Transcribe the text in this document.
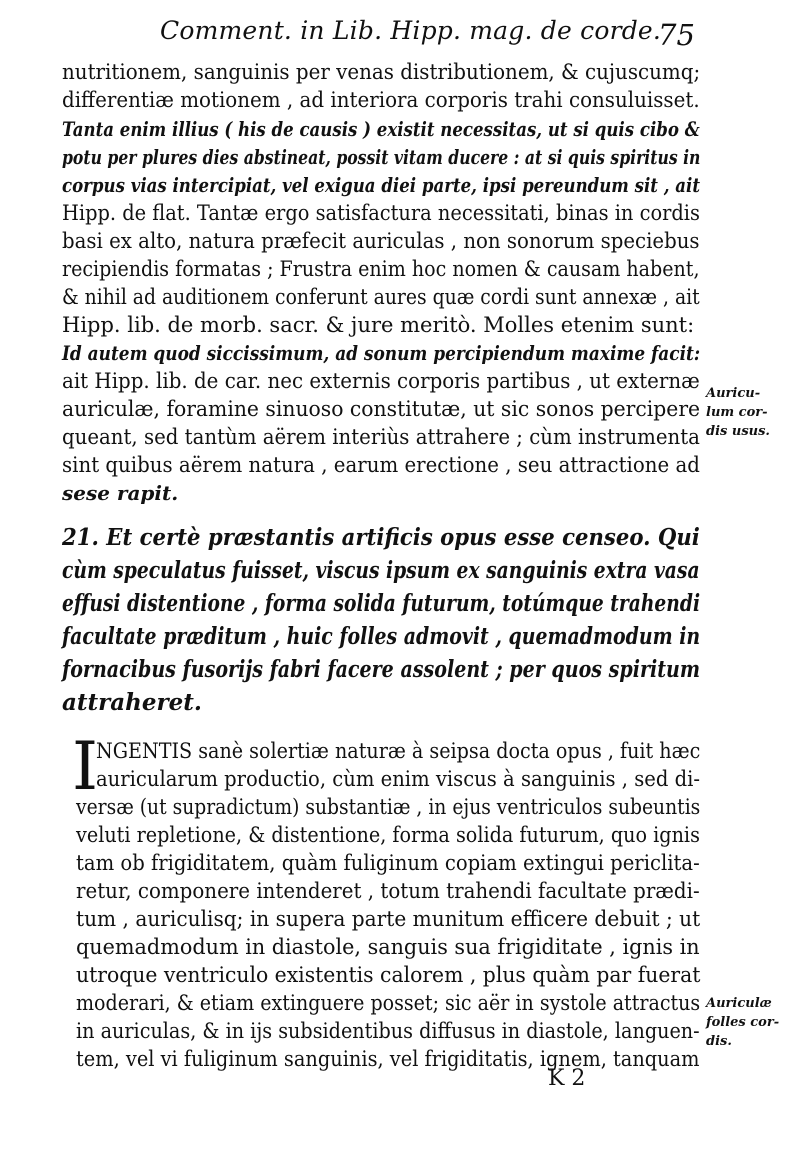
Comment. in Lib. Hipp. mag. de corde.
75
nutritionem, sanguinis per venas distributionem, & cujuscumq;
differentiæ motionem , ad interiora corporis trahi consuluisset.
Tanta enim illius ( his de causis ) existit necessitas, ut si quis cibo &
potu per plures dies abstineat, possit vitam ducere : at si quis spiritus in
corpus vias intercipiat, vel exigua diei parte, ipsi pereundum sit , ait
Hipp. de flat. Tantæ ergo satisfactura necessitati, binas in cordis
basi ex alto, natura præfecit auriculas , non sonorum speciebus
recipiendis formatas ; Frustra enim hoc nomen & causam habent,
& nihil ad auditionem conferunt aures quæ cordi sunt annexæ , ait
Hipp. lib. de morb. sacr. & jure meritò. Molles etenim sunt:
Id autem quod siccissimum, ad sonum percipiendum maxime facit:
ait Hipp. lib. de car. nec externis corporis partibus , ut externæ
auriculæ, foramine sinuoso constitutæ, ut sic sonos percipere
queant, sed tantùm aërem interiùs attrahere ; cùm instrumenta
sint quibus aërem natura , earum erectione , seu attractione ad
sese rapit.
Auricu-
lum cor-
dis usus.
21. Et certè præstantis artificis opus esse censeo. Qui
cùm speculatus fuisset, viscus ipsum ex sanguinis extra vasa
effusi distentione , forma solida futurum, totúmque trahendi
facultate præditum , huic folles admovit , quemadmodum in
fornacibus fusorijs fabri facere assolent ; per quos spiritum
attraheret.
I
NGENTIS sanè solertiæ naturæ à seipsa docta opus , fuit hæc
auricularum productio, cùm enim viscus à sanguinis , sed di-
versæ (ut supradictum) substantiæ , in ejus ventriculos subeuntis
veluti repletione, & distentione, forma solida futurum, quo ignis
tam ob frigiditatem, quàm fuliginum copiam extingui periclita-
retur, componere intenderet , totum trahendi facultate prædi-
tum , auriculisq; in supera parte munitum efficere debuit ; ut
quemadmodum in diastole, sanguis sua frigiditate , ignis in
utroque ventriculo existentis calorem , plus quàm par fuerat
moderari, & etiam extinguere posset; sic aër in systole attractus
in auriculas, & in ijs subsidentibus diffusus in diastole, languen-
tem, vel vi fuliginum sanguinis, vel frigiditatis, ignem, tanquam
Auriculæ
folles cor-
dis.
K 2
